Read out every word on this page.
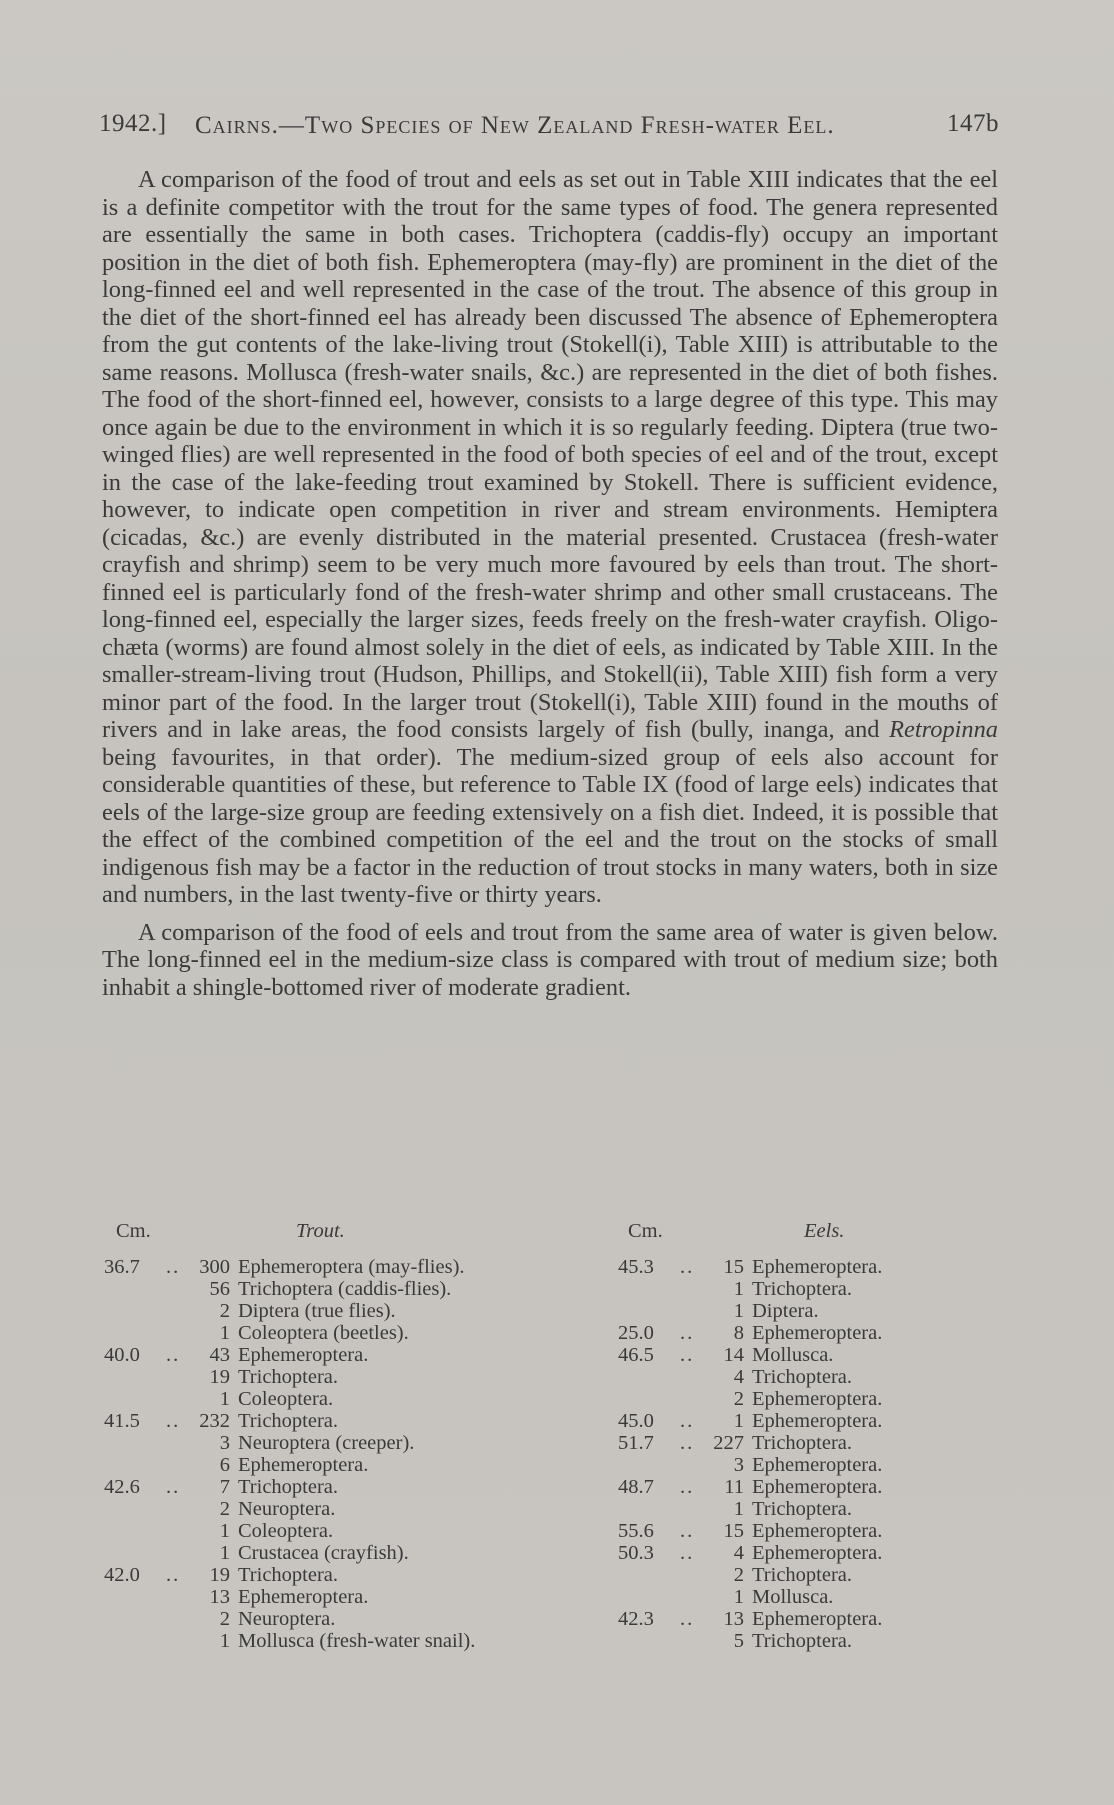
1942.] Cairns.—Two Species of New Zealand Fresh-water Eel.	147b

A comparison of the food of trout and eels as set out in Table XIII indicates that the eel is a definite competitor with the trout for the same types of food. The genera represented are essentially the same in both cases. Trichoptera (caddis-fly) occupy an important position in the diet of both fish. Ephemeroptera (may-fly) are prominent in the diet of the long-finned eel and well represented in the case of the trout. The absence of this group in the diet of the short-finned eel has already been discussed The absence of Ephemeroptera from the gut contents of the lake-living trout (Stokell(i), Table XIII) is attributable to the same reasons. Mollusca (fresh-water snails, &c.) are represented in the diet of both fishes. The food of the short-finned eel, however, consists to a large degree of this type. This may once again be due to the environment in which it is so regularly feeding. Diptera (true two-winged flies) are well represented in the food of both species of eel and of the trout, except in the case of the lake-feeding trout examined by Stokell. There is sufficient evidence, however, to indicate open competition in river and stream environments. Hemiptera (cicadas, &c.) are evenly distributed in the material presented. Crustacea (fresh-water crayfish and shrimp) seem to be very much more favoured by eels than trout. The short-finned eel is particularly fond of the fresh-water shrimp and other small crustaceans. The long-finned eel, especially the larger sizes, feeds freely on the fresh-water crayfish. Oligochæta (worms) are found almost solely in the diet of eels, as indicated by Table XIII. In the smaller-stream-living trout (Hudson, Phillips, and Stokell(ii), Table XIII) fish form a very minor part of the food. In the larger trout (Stokell(i), Table XIII) found in the mouths of rivers and in lake areas, the food consists largely of fish (bully, inanga, and Retropinna being favourites, in that order). The medium-sized group of eels also account for considerable quantities of these, but reference to Table IX (food of large eels) indicates that eels of the large-size group are feeding extensively on a fish diet. Indeed, it is possible that the effect of the combined competition of the eel and the trout on the stocks of small indigenous fish may be a factor in the reduction of trout stocks in many waters, both in size and numbers, in the last twenty-five or thirty years.

A comparison of the food of eels and trout from the same area of water is given below. The long-finned eel in the medium-size class is compared with trout of medium size; both inhabit a shingle-bottomed river of moderate gradient.

Cm.	Trout.	Cm.	Eels.
36.7	.. 300 Ephemeroptera (may-flies).
56 Trichoptera (caddis-flies).
2 Diptera (true flies).
1 Coleoptera (beetles).
40.0	..	43 Ephemeroptera.
19 Trichoptera.
1 Coleoptera.
41.5	.. 232 Trichoptera.
3 Neuroptera (creeper).
6 Ephemeroptera.
42.6	..	7 Trichoptera.
2 Neuroptera.
1 Coleoptera.
1 Crustacea (crayfish).
42.0	..	19 Trichoptera.
13 Ephemeroptera.
2 Neuroptera.
1 Mollusca (fresh-water snail).
45.3	..	15 Ephemeroptera.
1 Trichoptera.
1 Diptera.
25.0	..	8 Ephemeroptera.
46.5	..	14 Mollusca.
4 Trichoptera.
2 Ephemeroptera.
45.0	..	1 Ephemeroptera.
51.7	.. 227 Trichoptera.
3 Ephemeroptera.
48.7	..	11 Ephemeroptera.
1 Trichoptera.
55.6	..	15 Ephemeroptera.
50.3	..	4 Ephemeroptera.
2 Trichoptera.
1 Mollusca.
42.3	..	13 Ephemeroptera.
5 Trichoptera.
